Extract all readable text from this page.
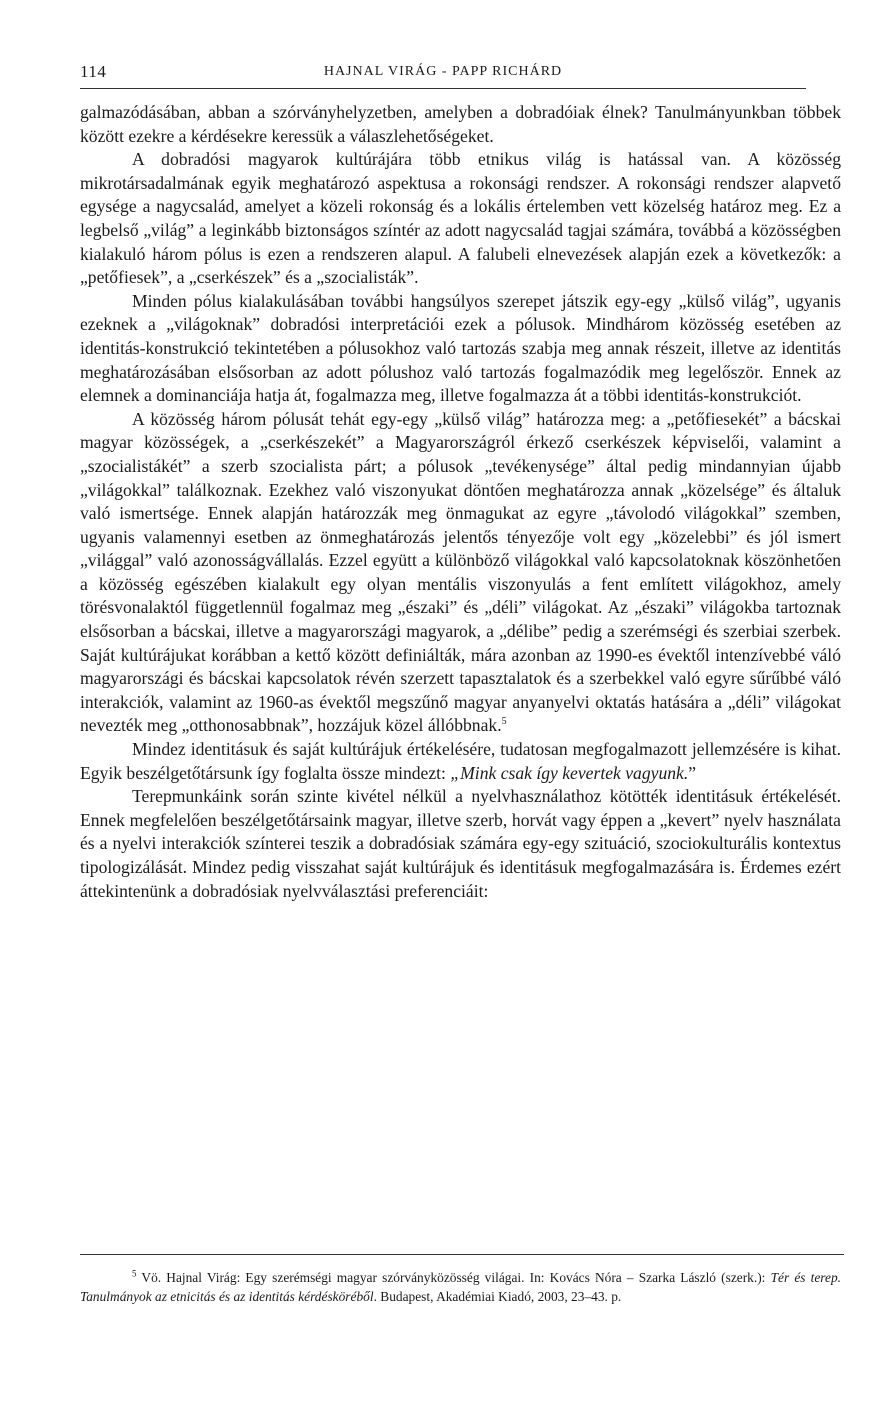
114	HAJNAL VIRÁG - PAPP RICHÁRD

galmazódásában, abban a szórványhelyzetben, amelyben a dobradóiak élnek? Tanulmányunkban többek között ezekre a kérdésekre keressük a válaszlehetőségeket.

A dobradósi magyarok kultúrájára több etnikus világ is hatással van. A közösség mikrotársadalmának egyik meghatározó aspektusa a rokonsági rendszer. A rokonsági rendszer alapvető egysége a nagycsalád, amelyet a közeli rokonság és a lokális értelemben vett közelség határoz meg. Ez a legbelső „világ” a leginkább biztonságos színtér az adott nagycsalád tagjai számára, továbbá a közösségben kialakuló három pólus is ezen a rendszeren alapul. A falubeli elnevezések alapján ezek a következők: a „petőfiesek”, a „cserkészek” és a „szocialisták”.

Minden pólus kialakulásában további hangsúlyos szerepet játszik egy-egy „külső világ”, ugyanis ezeknek a „világoknak” dobradósi interpretációi ezek a pólusok. Mindhárom közösség esetében az identitás-konstrukció tekintetében a pólusokhoz való tartozás szabja meg annak részeit, illetve az identitás meghatározásában elsősorban az adott pólushoz való tartozás fogalmazódik meg legelőször. Ennek az elemnek a dominanciája hatja át, fogalmazza meg, illetve fogalmazza át a többi identitás-konstrukciót.

A közösség három pólusát tehát egy-egy „külső világ” határozza meg: a „petőfiesekét” a bácskai magyar közösségek, a „cserkészekét” a Magyarországról érkező cserkészek képviselői, valamint a „szocialistákét” a szerb szocialista párt; a pólusok „tevékenysége” által pedig mindannyian újabb „világokkal” találkoznak. Ezekhez való viszonyukat döntően meghatározza annak „közelsége” és általuk való ismertsége. Ennek alapján határozzák meg önmagukat az egyre „távolodó világokkal” szemben, ugyanis valamennyi esetben az önmeghatározás jelentős tényezője volt egy „közelebbi” és jól ismert „világgal” való azonosságvállalás. Ezzel együtt a különböző világokkal való kapcsolatoknak köszönhetően a közösség egészében kialakult egy olyan mentális viszonyulás a fent említett világokhoz, amely törésvonalaktól függetlennül fogalmaz meg „északi” és „déli” világokat. Az „északi” világokba tartoznak elsősorban a bácskai, illetve a magyarországi magyarok, a „délibe” pedig a szerémségi és szerbiai szerbek. Saját kultúrájukat korábban a kettő között definiálták, mára azonban az 1990-es évektől intenzívebbé váló magyarországi és bácskai kapcsolatok révén szerzett tapasztalatok és a szerbekkel való egyre sűrűbbé váló interakciók, valamint az 1960-as évektől megszűnő magyar anyanyelvi oktatás hatására a „déli” világokat nevezték meg „otthonosabbnak”, hozzájuk közel állóbbnak.$^5$

Mindez identitásuk és saját kultúrájuk értékelésére, tudatosan megfogalmazott jellemzésére is kihat. Egyik beszélgetőtársunk így foglalta össze mindezt: „Mink csak így kevertek vagyunk.”

Terepmunkáink során szinte kivétel nélkül a nyelvhasználathoz kötötték identitásuk értékelését. Ennek megfelelően beszélgetőtársaink magyar, illetve szerb, horvát vagy éppen a „kevert” nyelv használata és a nyelvi interakciók színterei teszik a dobradósiak számára egy-egy szituáció, szociokulturális kontextus tipologizálását. Mindez pedig visszahat saját kultúrájuk és identitásuk megfogalmazására is. Érdemes ezért áttekintenünk a dobradósiak nyelvválasztási preferenciáit:

$^5$ Vö. Hajnal Virág: Egy szerémségi magyar szórványközösség világai. In: Kovács Nóra – Szarka László (szerk.): Tér és terep. Tanulmányok az etnicitás és az identitás kérdésköréből. Budapest, Akadémiai Kiadó, 2003, 23–43. p.
